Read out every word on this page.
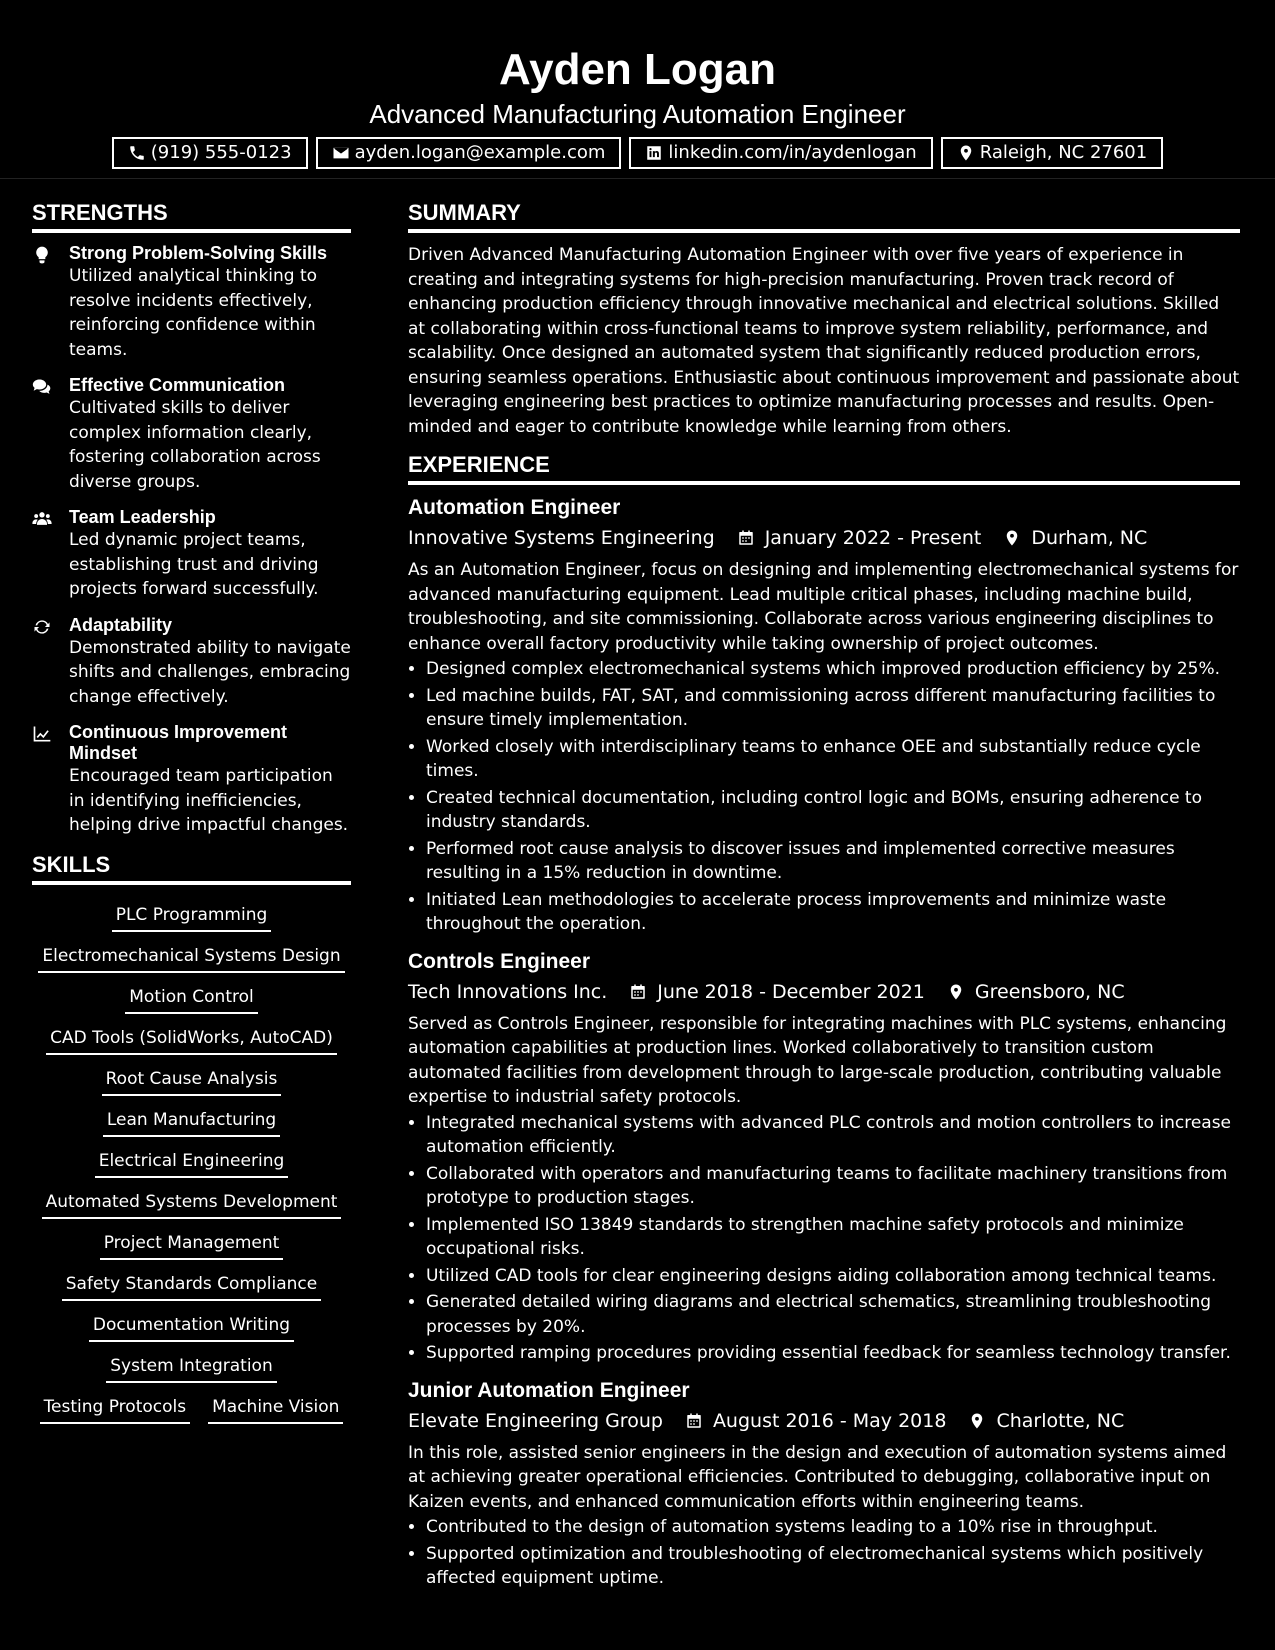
Ayden Logan
Advanced Manufacturing Automation Engineer
(919) 555-0123	ayden.logan@example.com	linkedin.com/in/aydenlogan	Raleigh, NC 27601
STRENGTHS
Strong Problem-Solving Skills
Utilized analytical thinking to resolve incidents effectively, reinforcing confidence within teams.
Effective Communication
Cultivated skills to deliver complex information clearly, fostering collaboration across diverse groups.
Team Leadership
Led dynamic project teams, establishing trust and driving projects forward successfully.
Adaptability
Demonstrated ability to navigate shifts and challenges, embracing change effectively.
Continuous Improvement Mindset
Encouraged team participation in identifying inefficiencies, helping drive impactful changes.
SKILLS
PLC Programming
Electromechanical Systems Design
Motion Control
CAD Tools (SolidWorks, AutoCAD)
Root Cause Analysis
Lean Manufacturing
Electrical Engineering
Automated Systems Development
Project Management
Safety Standards Compliance
Documentation Writing
System Integration
Testing Protocols Machine Vision
SUMMARY

Driven Advanced Manufacturing Automation Engineer with over five years of experience in creating and integrating systems for high-precision manufacturing. Proven track record of enhancing production efficiency through innovative mechanical and electrical solutions. Skilled at collaborating within cross-functional teams to improve system reliability, performance, and scalability. Once designed an automated system that significantly reduced production errors, ensuring seamless operations. Enthusiastic about continuous improvement and passionate about leveraging engineering best practices to optimize manufacturing processes and results. Open-minded and eager to contribute knowledge while learning from others.

EXPERIENCE
Automation Engineer
Innovative Systems Engineering	January 2022 - Present	Durham, NC

As an Automation Engineer, focus on designing and implementing electromechanical systems for advanced manufacturing equipment. Lead multiple critical phases, including machine build, troubleshooting, and site commissioning. Collaborate across various engineering disciplines to enhance overall factory productivity while taking ownership of project outcomes.

• Designed complex electromechanical systems which improved production efficiency by 25%.
• Led machine builds, FAT, SAT, and commissioning across different manufacturing facilities to ensure timely implementation.
• Worked closely with interdisciplinary teams to enhance OEE and substantially reduce cycle times.
• Created technical documentation, including control logic and BOMs, ensuring adherence to industry standards.
• Performed root cause analysis to discover issues and implemented corrective measures resulting in a 15% reduction in downtime.
• Initiated Lean methodologies to accelerate process improvements and minimize waste throughout the operation.
Controls Engineer
Tech Innovations Inc.	June 2018 - December 2021	Greensboro, NC

Served as Controls Engineer, responsible for integrating machines with PLC systems, enhancing automation capabilities at production lines. Worked collaboratively to transition custom automated facilities from development through to large-scale production, contributing valuable expertise to industrial safety protocols.

• Integrated mechanical systems with advanced PLC controls and motion controllers to increase automation efficiently.
• Collaborated with operators and manufacturing teams to facilitate machinery transitions from prototype to production stages.
• Implemented ISO 13849 standards to strengthen machine safety protocols and minimize occupational risks.
• Utilized CAD tools for clear engineering designs aiding collaboration among technical teams.
• Generated detailed wiring diagrams and electrical schematics, streamlining troubleshooting processes by 20%.
• Supported ramping procedures providing essential feedback for seamless technology transfer.
Junior Automation Engineer
Elevate Engineering Group	August 2016 - May 2018	Charlotte, NC

In this role, assisted senior engineers in the design and execution of automation systems aimed at achieving greater operational efficiencies. Contributed to debugging, collaborative input on Kaizen events, and enhanced communication efforts within engineering teams.

• Contributed to the design of automation systems leading to a 10% rise in throughput.
• Supported optimization and troubleshooting of electromechanical systems which positively affected equipment uptime.
